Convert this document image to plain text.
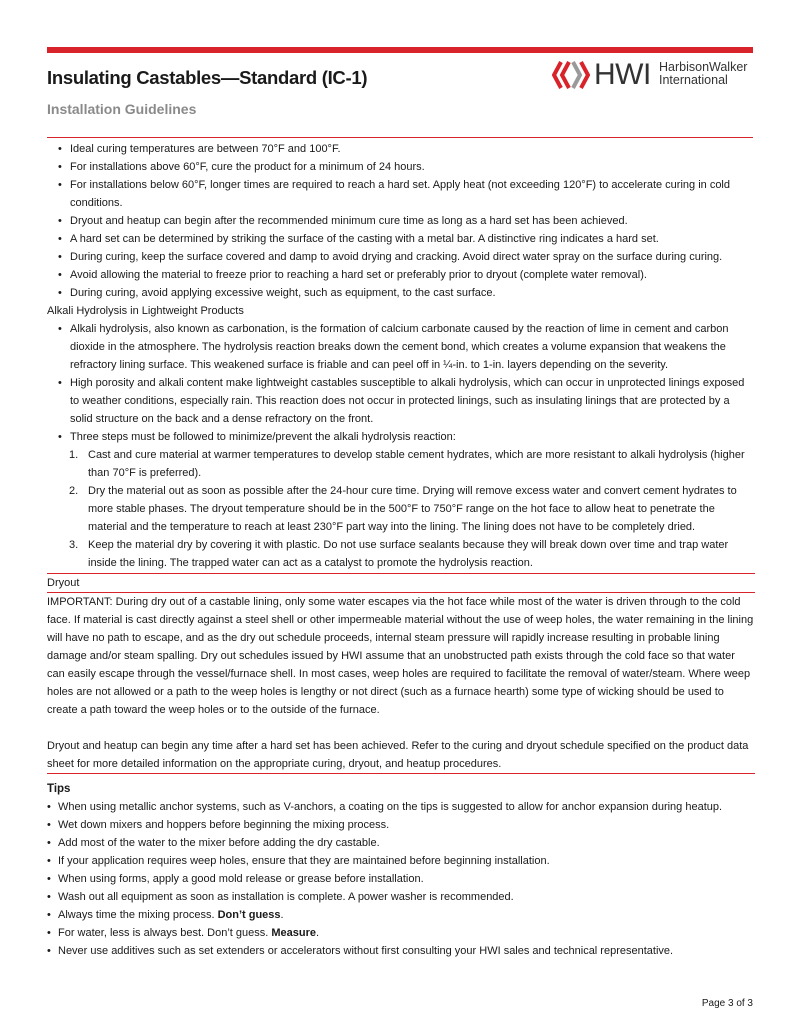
Insulating Castables—Standard (IC-1)	HWI HarbisonWalker
International
Installation Guidelines
• Ideal curing temperatures are between 70°F and 100°F.
• For installations above 60°F, cure the product for a minimum of 24 hours.
• For installations below 60°F, longer times are required to reach a hard set. Apply heat (not exceeding 120°F) to accelerate curing in cold conditions.
• Dryout and heatup can begin after the recommended minimum cure time as long as a hard set has been achieved.
• A hard set can be determined by striking the surface of the casting with a metal bar. A distinctive ring indicates a hard set.
• During curing, keep the surface covered and damp to avoid drying and cracking. Avoid direct water spray on the surface during curing.
• Avoid allowing the material to freeze prior to reaching a hard set or preferably prior to dryout (complete water removal).
• During curing, avoid applying excessive weight, such as equipment, to the cast surface.
Alkali Hydrolysis in Lightweight Products
• Alkali hydrolysis, also known as carbonation, is the formation of calcium carbonate caused by the reaction of lime in cement and carbon dioxide in the atmosphere. The hydrolysis reaction breaks down the cement bond, which creates a volume expansion that weakens the refractory lining surface. This weakened surface is friable and can peel off in ¼-in. to 1-in. layers depending on the severity.
• High porosity and alkali content make lightweight castables susceptible to alkali hydrolysis, which can occur in unprotected linings exposed to weather conditions, especially rain. This reaction does not occur in protected linings, such as insulating linings that are protected by a solid structure on the back and a dense refractory on the front.
• Three steps must be followed to minimize/prevent the alkali hydrolysis reaction:
1. Cast and cure material at warmer temperatures to develop stable cement hydrates, which are more resistant to alkali hydrolysis (higher than 70°F is preferred).
2. Dry the material out as soon as possible after the 24-hour cure time. Drying will remove excess water and convert cement hydrates to more stable phases. The dryout temperature should be in the 500°F to 750°F range on the hot face to allow heat to penetrate the material and the temperature to reach at least 230°F part way into the lining. The lining does not have to be completely dried.
3. Keep the material dry by covering it with plastic. Do not use surface sealants because they will break down over time and trap water inside the lining. The trapped water can act as a catalyst to promote the hydrolysis reaction.
Dryout

IMPORTANT: During dry out of a castable lining, only some water escapes via the hot face while most of the water is driven through to the cold face. If material is cast directly against a steel shell or other impermeable material without the use of weep holes, the water remaining in the lining will have no path to escape, and as the dry out schedule proceeds, internal steam pressure will rapidly increase resulting in probable lining damage and/or steam spalling. Dry out schedules issued by HWI assume that an unobstructed path exists through the cold face so that water can easily escape through the vessel/furnace shell. In most cases, weep holes are required to facilitate the removal of water/steam. Where weep holes are not allowed or a path to the weep holes is lengthy or not direct (such as a furnace hearth) some type of wicking should be used to create a path toward the weep holes or to the outside of the furnace.

Dryout and heatup can begin any time after a hard set has been achieved. Refer to the curing and dryout schedule specified on the product data sheet for more detailed information on the appropriate curing, dryout, and heatup procedures.

Tips
• When using metallic anchor systems, such as V-anchors, a coating on the tips is suggested to allow for anchor expansion during heatup.
• Wet down mixers and hoppers before beginning the mixing process.
• Add most of the water to the mixer before adding the dry castable.
• If your application requires weep holes, ensure that they are maintained before beginning installation.
• When using forms, apply a good mold release or grease before installation.
• Wash out all equipment as soon as installation is complete. A power washer is recommended.
• Always time the mixing process. Don’t guess.
• For water, less is always best. Don’t guess. Measure.
• Never use additives such as set extenders or accelerators without first consulting your HWI sales and technical representative.
Page 3 of 3
